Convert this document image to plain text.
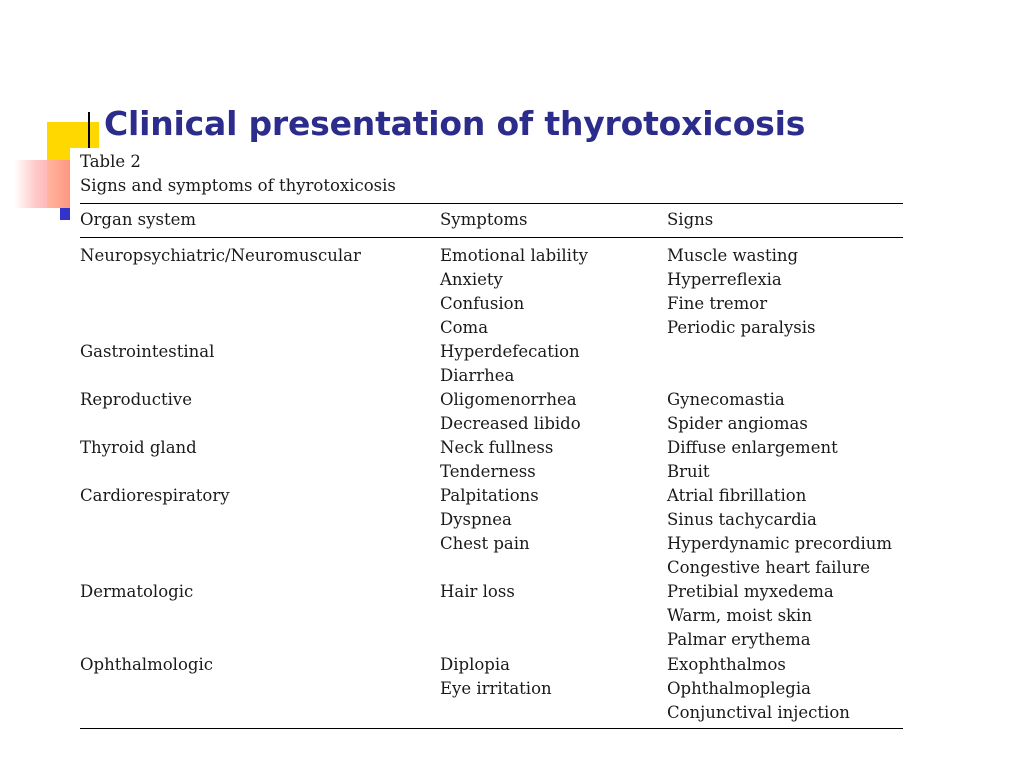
Clinical presentation of thyrotoxicosis
Table 2
Signs and symptoms of thyrotoxicosis
Organ system	Symptoms	Signs
Neuropsychiatric/Neuromuscular
Gastrointestinal
Reproductive
Thyroid gland
Cardiorespiratory
Dermatologic
Ophthalmologic
Emotional lability
Anxiety
Confusion
Coma
Hyperdefecation
Diarrhea
Oligomenorrhea
Decreased libido
Neck fullness
Tenderness
Palpitations
Dyspnea
Chest pain
Hair loss
Diplopia
Eye irritation
Muscle wasting
Hyperreflexia
Fine tremor
Periodic paralysis
Gynecomastia
Spider angiomas
Diffuse enlargement
Bruit
Atrial fibrillation
Sinus tachycardia
Hyperdynamic precordium
Congestive heart failure
Pretibial myxedema
Warm, moist skin
Palmar erythema
Exophthalmos
Ophthalmoplegia
Conjunctival injection
